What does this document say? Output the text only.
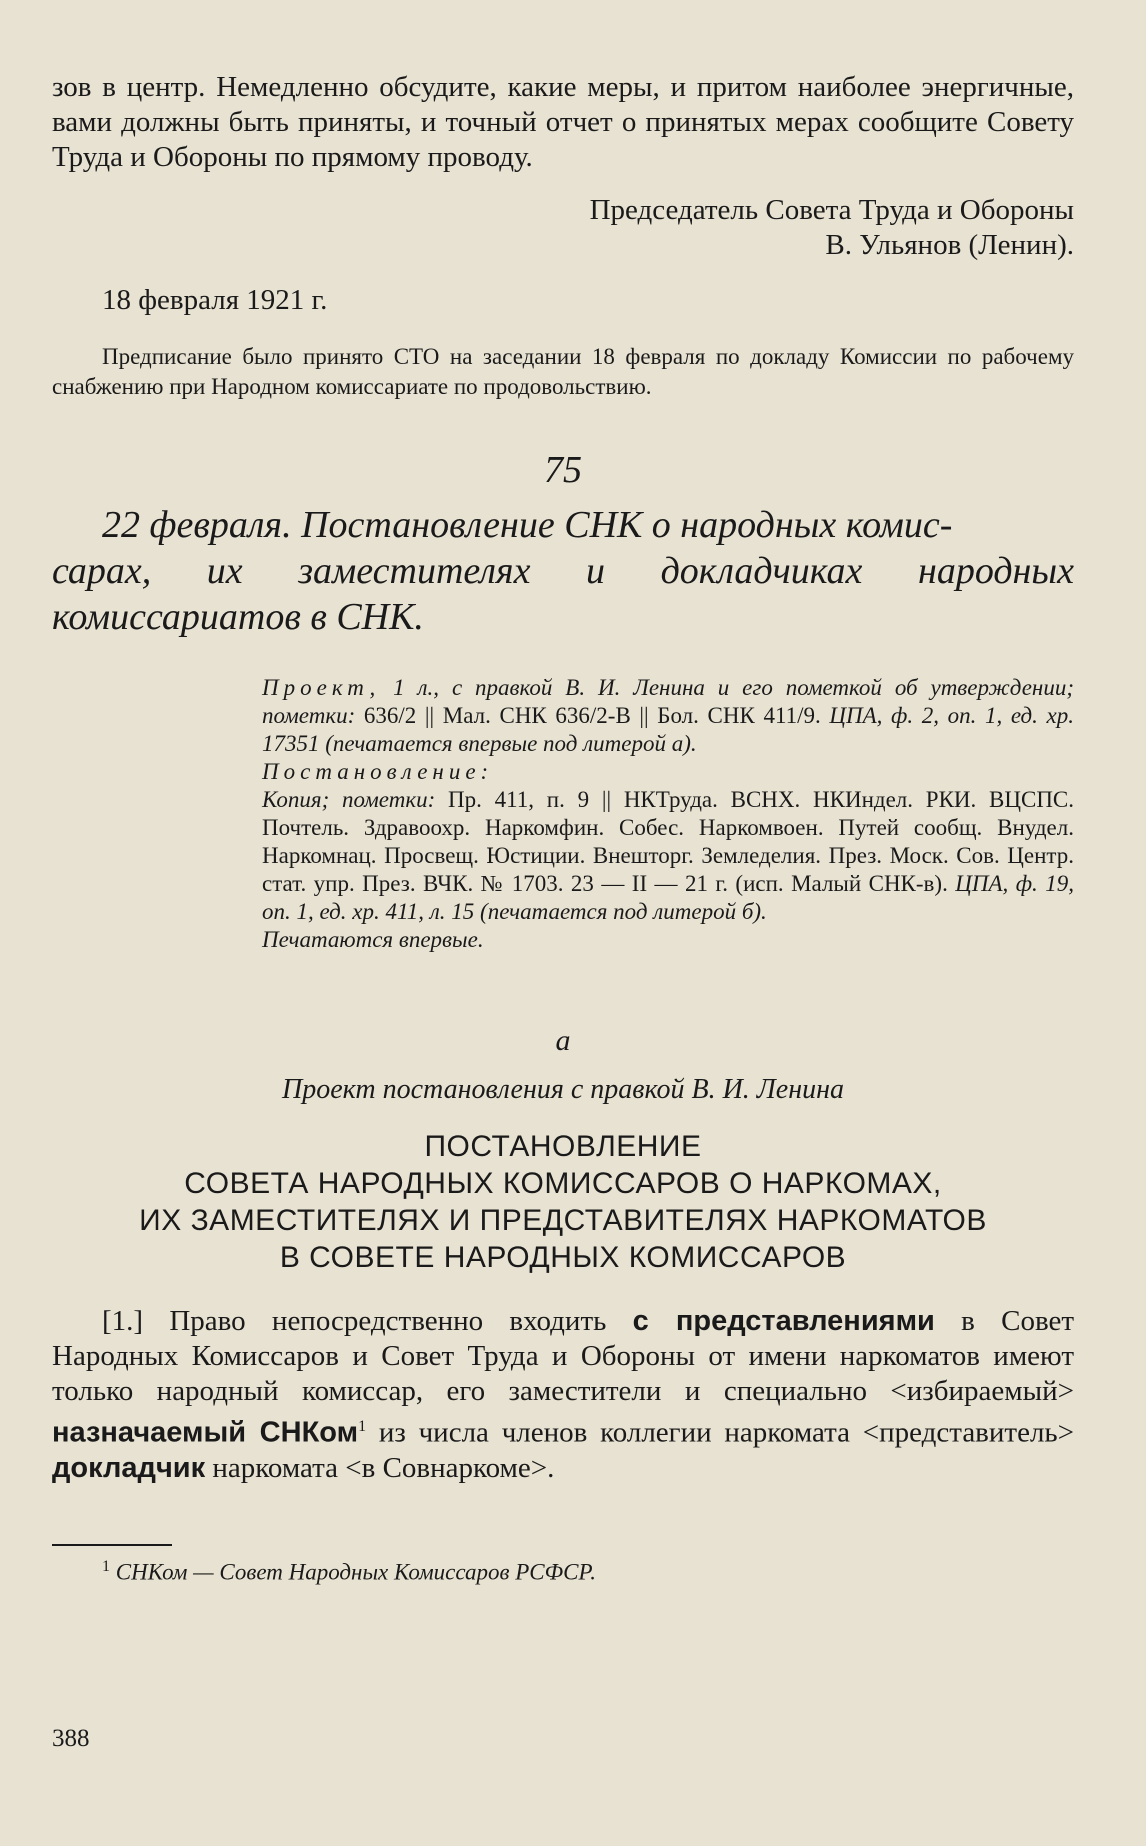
зов в центр. Немедленно обсудите, какие меры, и притом наиболее энергичные, вами должны быть приняты, и точный отчет о принятых мерах сообщите Совету Труда и Обороны по прямому проводу.

Председатель Совета Труда и Обороны
В. Ульянов (Ленин).
18 февраля 1921 г.
Предписание было принято СТО на заседании 18 февраля по докладу Комиссии по рабочему снабжению при Народном комиссариате по продовольствию.
75
22 февраля. Постановление СНК о народных комис-
сарах, их заместителях и докладчиках народных комиссариатов в СНК.
Проект, 1 л., с правкой В. И. Ленина и его пометкой об утверждении; пометки: 636/2 || Мал. СНК 636/2-В || Бол. СНК 411/9. ЦПА, ф. 2, оп. 1, ед. хр. 17351 (печатается впервые под литерой а).
Постановление:
Копия; пометки: Пр. 411, п. 9 || НКТруда. ВСНХ. НКИндел. РКИ. ВЦСПС. Почтель. Здравоохр. Наркомфин. Собес. Наркомвоен. Путей сообщ. Внудел. Наркомнац. Просвещ. Юстиции. Внешторг. Земледелия. През. Моск. Сов. Центр. стат. упр. През. ВЧК. № 1703. 23 — II — 21 г. (исп. Малый СНК-в). ЦПА, ф. 19, оп. 1, ед. хр. 411, л. 15 (печатается под литерой б).
Печатаются впервые.
а
Проект постановления с правкой В. И. Ленина
ПОСТАНОВЛЕНИЕ
СОВЕТА НАРОДНЫХ КОМИССАРОВ О НАРКОМАХ,
ИХ ЗАМЕСТИТЕЛЯХ И ПРЕДСТАВИТЕЛЯХ НАРКОМАТОВ
В СОВЕТЕ НАРОДНЫХ КОМИССАРОВ

[1.] Право непосредственно входить с представлениями в Совет Народных Комиссаров и Совет Труда и Обороны от имени наркоматов имеют только народный комиссар, его заместители и специально <избираемый> назначаемый СНКом$^1$ из числа членов коллегии наркомата <представитель> докладчик наркомата <в Совнаркоме>.

$^1$ СНКом — Совет Народных Комиссаров РСФСР.
388
